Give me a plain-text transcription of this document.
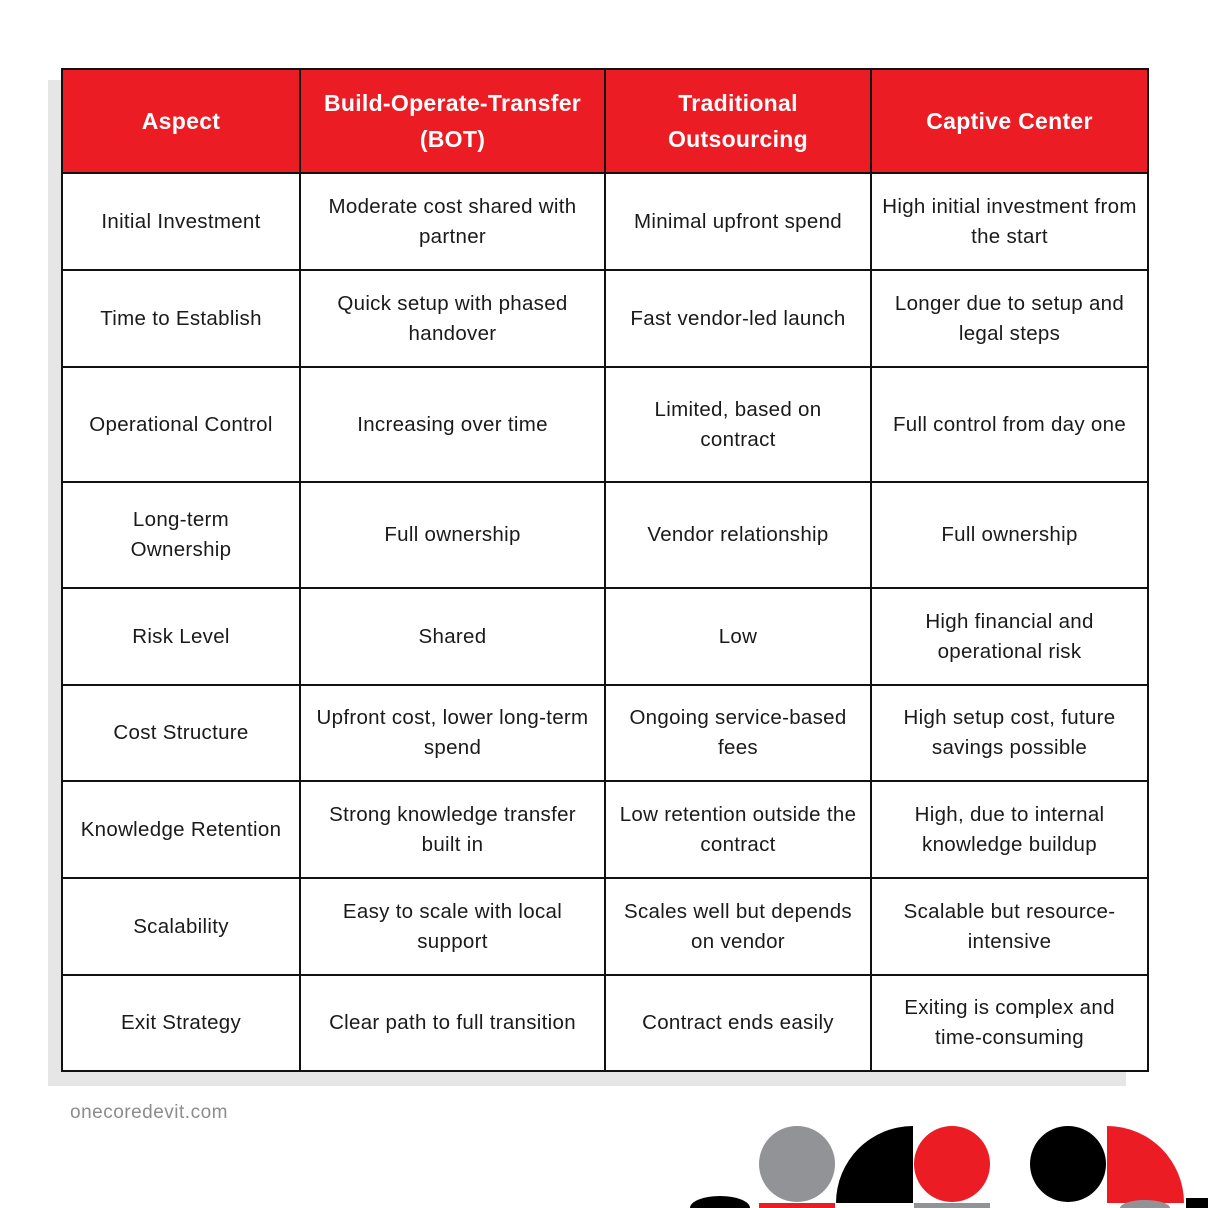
Aspect	Build-Operate-Transfer (BOT)	Traditional Outsourcing	Captive Center
Initial Investment	Moderate cost shared with partner	Minimal upfront spend	High initial investment from the start
Time to Establish	Quick setup with phased handover	Fast vendor-led launch	Longer due to setup and legal steps
Operational Control	Increasing over time	Limited, based on contract	Full control from day one
Long-term Ownership	Full ownership	Vendor relationship	Full ownership
Risk Level	Shared	Low	High financial and operational risk
Cost Structure	Upfront cost, lower long-term spend	Ongoing service-based fees	High setup cost, future savings possible
Knowledge Retention	Strong knowledge transfer built in	Low retention outside the contract	High, due to internal knowledge buildup
Scalability	Easy to scale with local support	Scales well but depends on vendor	Scalable but resource-intensive
Exit Strategy	Clear path to full transition	Contract ends easily	Exiting is complex and time-consuming
onecoredevit.com
